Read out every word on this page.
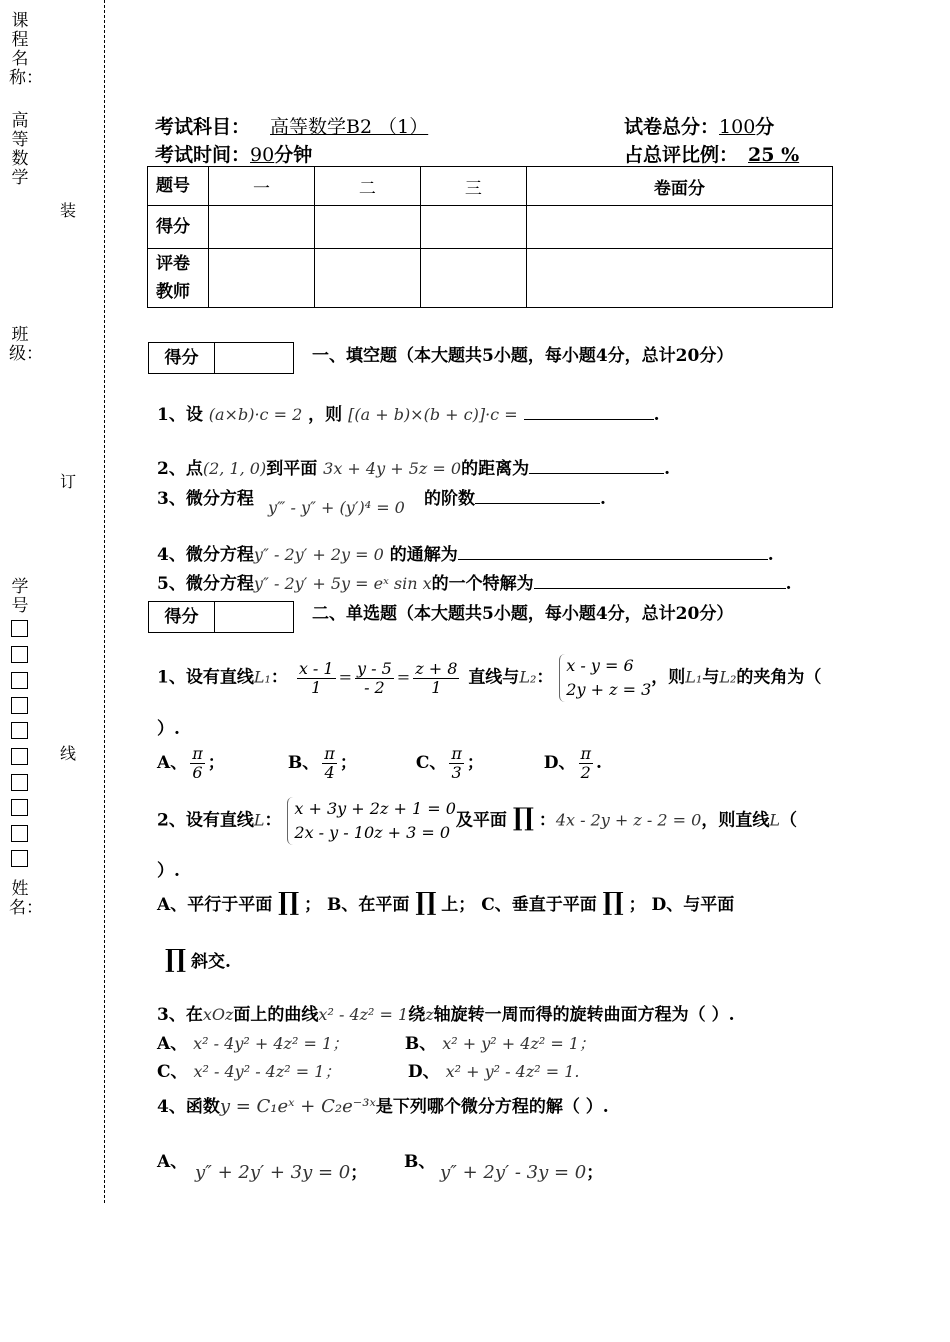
课程名称：
高等数学
装
班级：
订
学号
线
姓名：
考试科目： 高等数学B2 （1）	试卷总分：100分
考试时间：90分钟	占总评比例： 25 %
题号	一	二	三	卷面分
得分				
评卷
教师				
得分	一、填空题（本大题共5小题，每小题4分，总计20分）
1、设 (a×b)·c = 2 ，则 [(a + b)×(b + c)]·c =	.
2、点(2, 1, 0)到平面 3x + 4y + 5z = 0的距离为	.
3、微分方程 y‴ - y″ + (y′)⁴ = 0 的阶数	.
4、微分方程y″ - 2y′ + 2y = 0 的通解为	.
5、微分方程y″ - 2y′ + 5y = eˣ sin x的一个特解为	.
得分	二、单选题（本大题共5小题，每小题4分，总计20分）
1、设有直线L₁： $\frac{x - 1}{1} = \frac{y - 5}{- 2} = \frac{z + 8}{1}$ 直线与L₂： x - y = 6
2y + z = 3，则L₁与L₂的夹角为（
）.
A、 $\frac{\pi}{6}$ ；	B、 $\frac{\pi}{4}$ ；	C、 $\frac{\pi}{3}$ ；	D、 $\frac{\pi}{2}$ .
2、设有直线L： x + 3y + 2z + 1 = 0
2x - y - 10z + 3 = 0及平面 ∏ ：4x - 2y + z - 2 = 0，则直线L（
）.
A、平行于平面 ∏ ； B、在平面 ∏ 上； C、垂直于平面 ∏ ； D、与平面
∏ 斜交.
3、在xOz面上的曲线x² - 4z² = 1绕z轴旋转一周而得的旋转曲面方程为（ ）.
A、 x² - 4y² + 4z² = 1；	B、 x² + y² + 4z² = 1；
C、 x² - 4y² - 4z² = 1；	D、 x² + y² - 4z² = 1.
4、函数y = C₁eˣ + C₂e⁻³ˣ是下列哪个微分方程的解（ ）.
A、 y″ + 2y′ + 3y = 0；
B、 y″ + 2y′ - 3y = 0；
